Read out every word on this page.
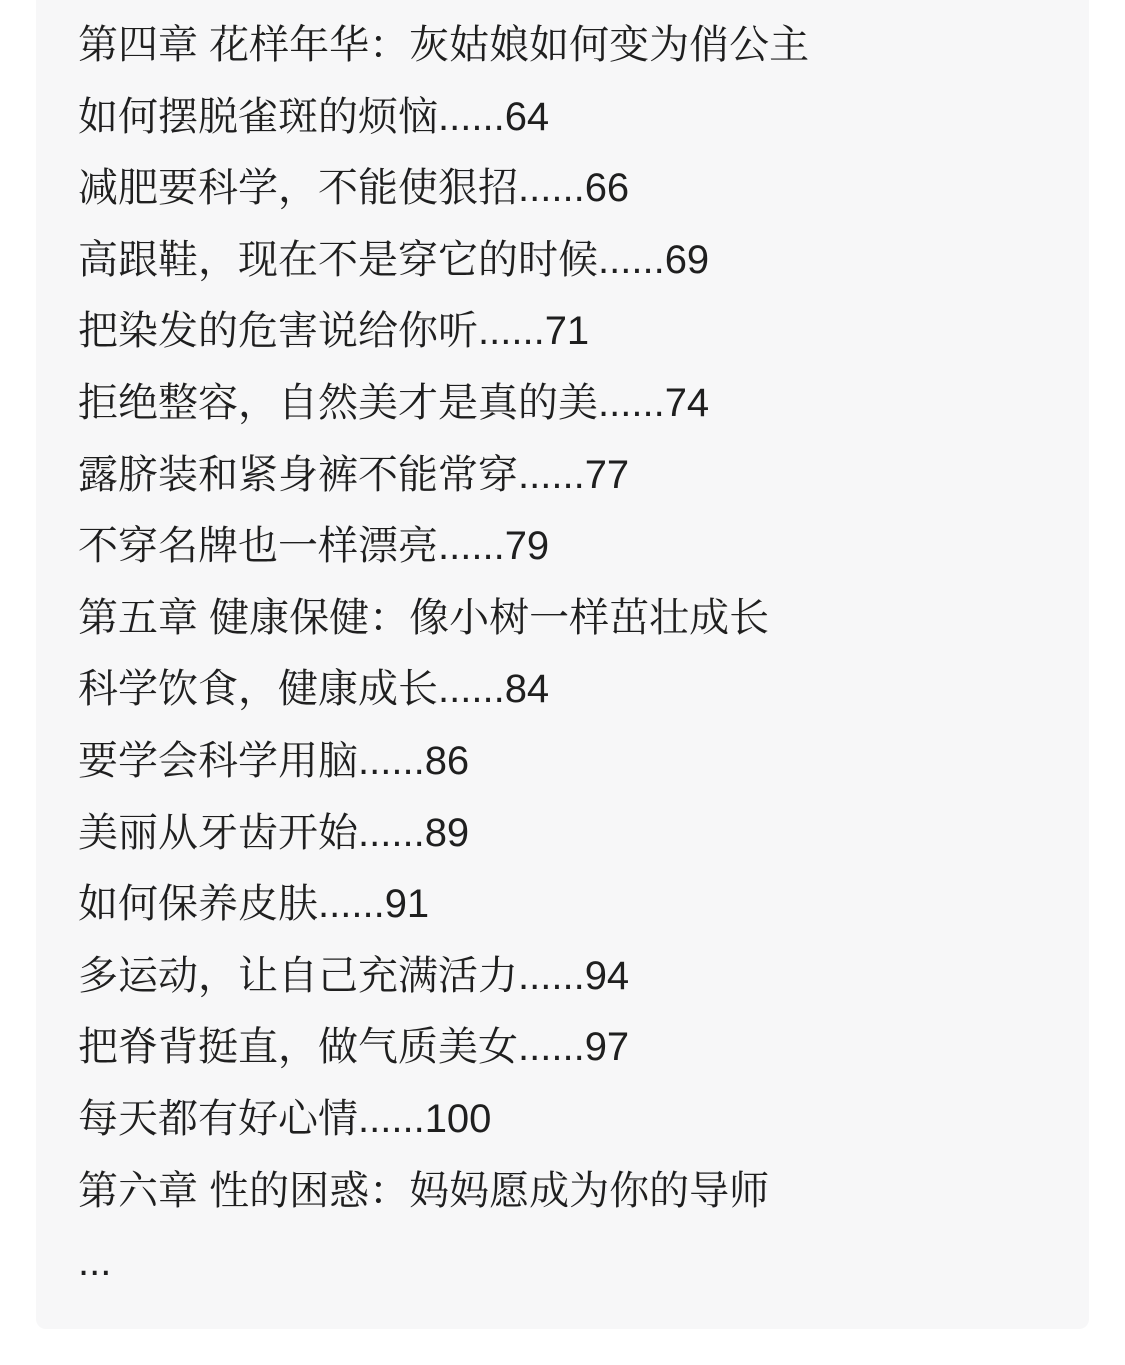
第四章 花样年华：灰姑娘如何变为俏公主
如何摆脱雀斑的烦恼......64
减肥要科学，不能使狠招......66
高跟鞋，现在不是穿它的时候......69
把染发的危害说给你听......71
拒绝整容，自然美才是真的美......74
露脐装和紧身裤不能常穿......77
不穿名牌也一样漂亮......79
第五章 健康保健：像小树一样茁壮成长
科学饮食，健康成长......84
要学会科学用脑......86
美丽从牙齿开始......89
如何保养皮肤......91
多运动，让自己充满活力......94
把脊背挺直，做气质美女......97
每天都有好心情......100
第六章 性的困惑：妈妈愿成为你的导师
...
